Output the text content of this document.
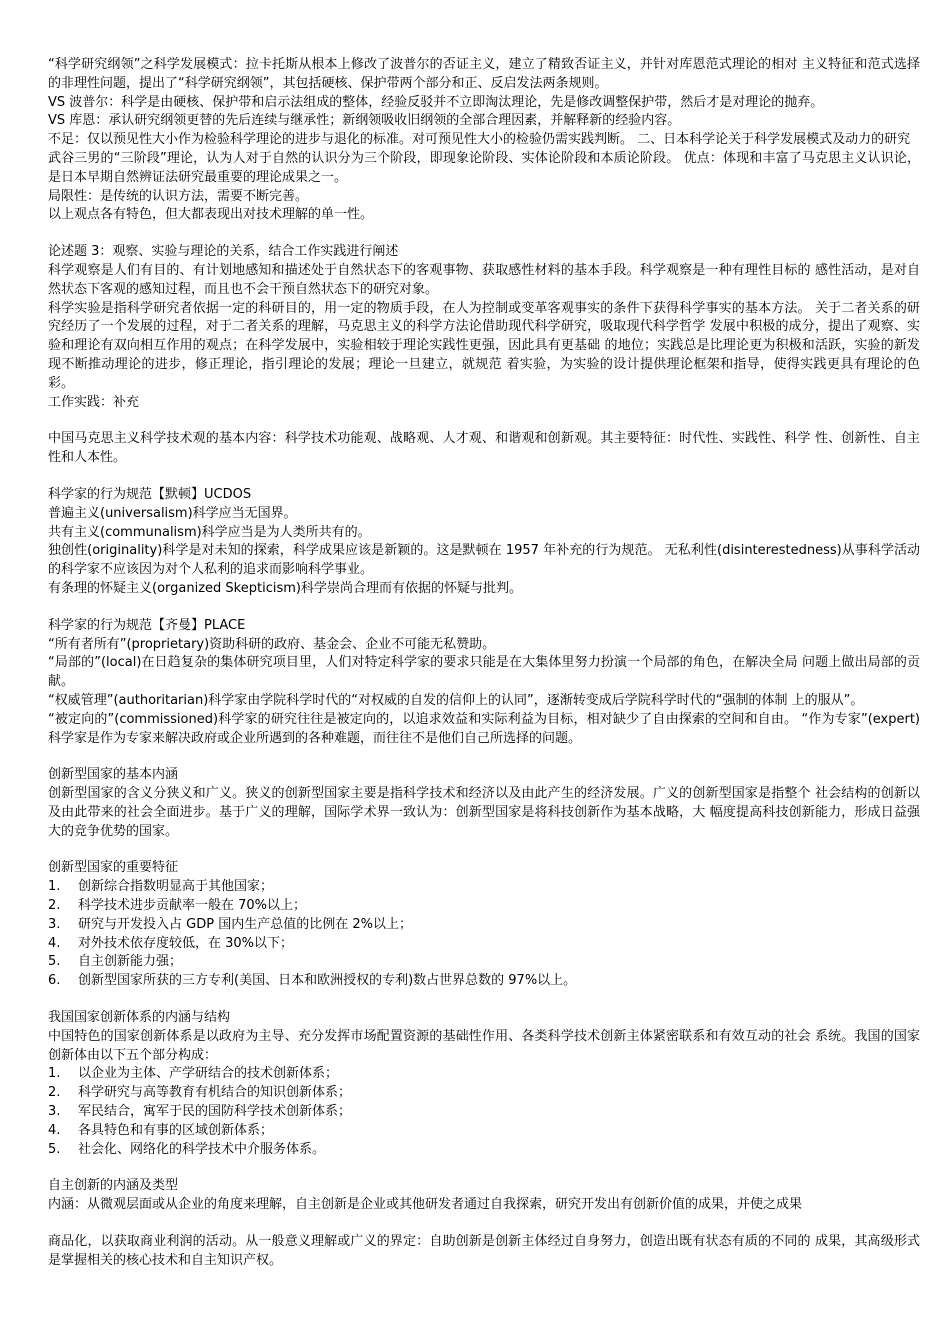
“科学研究纲领”之科学发展模式：拉卡托斯从根本上修改了波普尔的否证主义，建立了精致否证主义，并针对库恩范式理论的相对 主义特征和范式选择的非理性问题，提出了“科学研究纲领”，其包括硬核、保护带两个部分和正、反启发法两条规则。

VS 波普尔：科学是由硬核、保护带和启示法组成的整体，经验反驳并不立即淘汰理论，先是修改调整保护带，然后才是对理论的抛弃。

VS 库恩：承认研究纲领更替的先后连续与继承性；新纲领吸收旧纲领的全部合理因素，并解释新的经验内容。

不足：仅以预见性大小作为检验科学理论的进步与退化的标准。对可预见性大小的检验仍需实践判断。 二、日本科学论关于科学发展模式及动力的研究

武谷三男的“三阶段”理论，认为人对于自然的认识分为三个阶段，即现象论阶段、实体论阶段和本质论阶段。 优点：体现和丰富了马克思主义认识论，是日本早期自然辨证法研究最重要的理论成果之一。

局限性：是传统的认识方法，需要不断完善。

以上观点各有特色，但大都表现出对技术理解的单一性。

论述题 3：观察、实验与理论的关系，结合工作实践进行阐述

科学观察是人们有目的、有计划地感知和描述处于自然状态下的客观事物、获取感性材料的基本手段。科学观察是一种有理性目标的 感性活动，是对自然状态下客观的感知过程，而且也不会干预自然状态下的研究对象。

科学实验是指科学研究者依据一定的科研目的，用一定的物质手段，在人为控制或变革客观事实的条件下获得科学事实的基本方法。 关于二者关系的研究经历了一个发展的过程，对于二者关系的理解，马克思主义的科学方法论借助现代科学研究，吸取现代科学哲学 发展中积极的成分，提出了观察、实验和理论有双向相互作用的观点；在科学发展中，实验相较于理论实践性更强，因此具有更基础 的地位；实践总是比理论更为积极和活跃，实验的新发现不断推动理论的进步，修正理论，指引理论的发展；理论一旦建立，就规范 着实验，为实验的设计提供理论框架和指导，使得实践更具有理论的色彩。

工作实践：补充

中国马克思主义科学技术观的基本内容：科学技术功能观、战略观、人才观、和谐观和创新观。其主要特征：时代性、实践性、科学 性、创新性、自主性和人本性。

科学家的行为规范【默顿】UCDOS

普遍主义(universalism)科学应当无国界。

共有主义(communalism)科学应当是为人类所共有的。

独创性(originality)科学是对未知的探索，科学成果应该是新颖的。这是默顿在 1957 年补充的行为规范。 无私利性(disinterestedness)从事科学活动的科学家不应该因为对个人私利的追求而影响科学事业。

有条理的怀疑主义(organized Skepticism)科学崇尚合理而有依据的怀疑与批判。

科学家的行为规范【齐曼】PLACE

“所有者所有”(proprietary)资助科研的政府、基金会、企业不可能无私赞助。

“局部的”(local)在日趋复杂的集体研究项目里，人们对特定科学家的要求只能是在大集体里努力扮演一个局部的角色，在解决全局 问题上做出局部的贡献。

“权威管理”(authoritarian)科学家由学院科学时代的“对权威的自发的信仰上的认同”，逐渐转变成后学院科学时代的“强制的体制 上的服从”。

“被定向的”(commissioned)科学家的研究往往是被定向的，以追求效益和实际利益为目标，相对缺少了自由探索的空间和自由。 “作为专家”(expert)科学家是作为专家来解决政府或企业所遇到的各种难题，而往往不是他们自己所选择的问题。

创新型国家的基本内涵

创新型国家的含义分狭义和广义。狭义的创新型国家主要是指科学技术和经济以及由此产生的经济发展。广义的创新型国家是指整个 社会结构的创新以及由此带来的社会全面进步。基于广义的理解，国际学术界一致认为：创新型国家是将科技创新作为基本战略，大 幅度提高科技创新能力，形成日益强大的竞争优势的国家。

创新型国家的重要特征

1.	创新综合指数明显高于其他国家；
2.	科学技术进步贡献率一般在 70%以上；
3.	研究与开发投入占 GDP 国内生产总值的比例在 2%以上；
4.	对外技术依存度较低，在 30%以下；
5.	自主创新能力强；
6.	创新型国家所获的三方专利(美国、日本和欧洲授权的专利)数占世界总数的 97%以上。

我国国家创新体系的内涵与结构

中国特色的国家创新体系是以政府为主导、充分发挥市场配置资源的基础性作用、各类科学技术创新主体紧密联系和有效互动的社会 系统。我国的国家创新体由以下五个部分构成：

1.	以企业为主体、产学研结合的技术创新体系；
2.	科学研究与高等教育有机结合的知识创新体系；
3.	军民结合，寓军于民的国防科学技术创新体系；
4.	各具特色和有事的区域创新体系；
5.	社会化、网络化的科学技术中介服务体系。

自主创新的内涵及类型

内涵：从微观层面或从企业的角度来理解，自主创新是企业或其他研发者通过自我探索，研究开发出有创新价值的成果，并使之成果

商品化，以获取商业利润的活动。从一般意义理解或广义的界定：自助创新是创新主体经过自身努力，创造出既有状态有质的不同的 成果，其高级形式是掌握相关的核心技术和自主知识产权。
